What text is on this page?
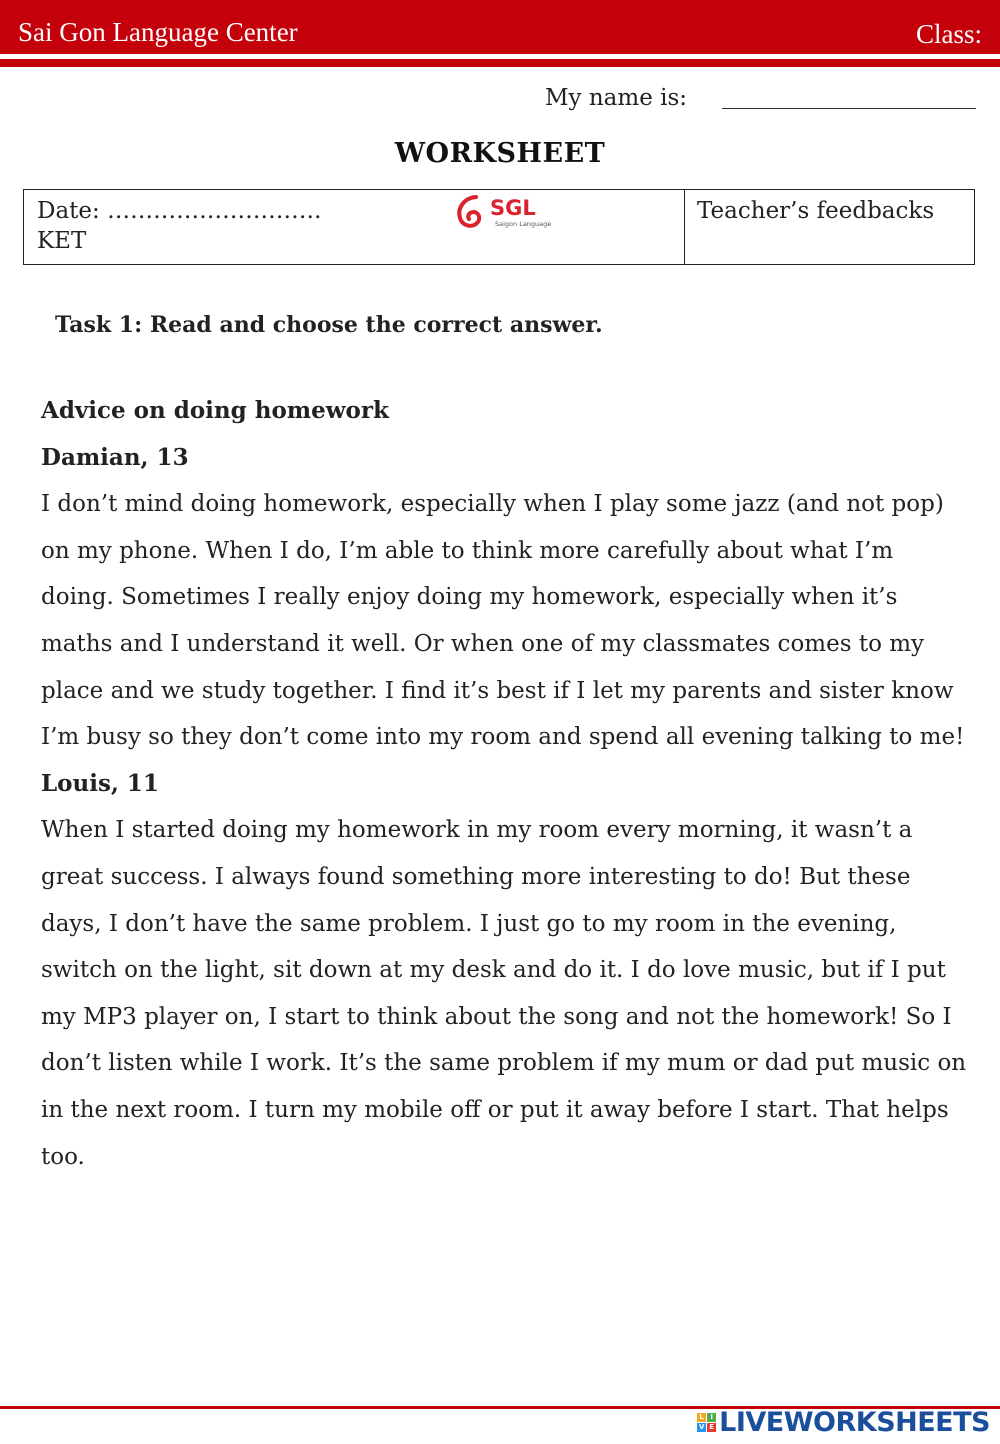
Sai Gon Language Center	Class:
My name is:
WORKSHEET
Date: ……………………….
KET
SGL
Saigon Language	Teacher’s feedbacks
Task 1: Read and choose the correct answer.
Advice on doing homework
Damian, 13

I don’t mind doing homework, especially when I play some jazz (and not pop) on my phone. When I do, I’m able to think more carefully about what I’m doing. Sometimes I really enjoy doing my homework, especially when it’s maths and I understand it well. Or when one of my classmates comes to my place and we study together. I find it’s best if I let my parents and sister know I’m busy so they don’t come into my room and spend all evening talking to me!

Louis, 11

When I started doing my homework in my room every morning, it wasn’t a great success. I always found something more interesting to do! But these days, I don’t have the same problem. I just go to my room in the evening, switch on the light, sit down at my desk and do it. I do love music, but if I put my MP3 player on, I start to think about the song and not the homework! So I don’t listen while I work. It’s the same problem if my mum or dad put music on in the next room. I turn my mobile off or put it away before I start. That helps too.

L I
V E LIVEWORKSHEETS
